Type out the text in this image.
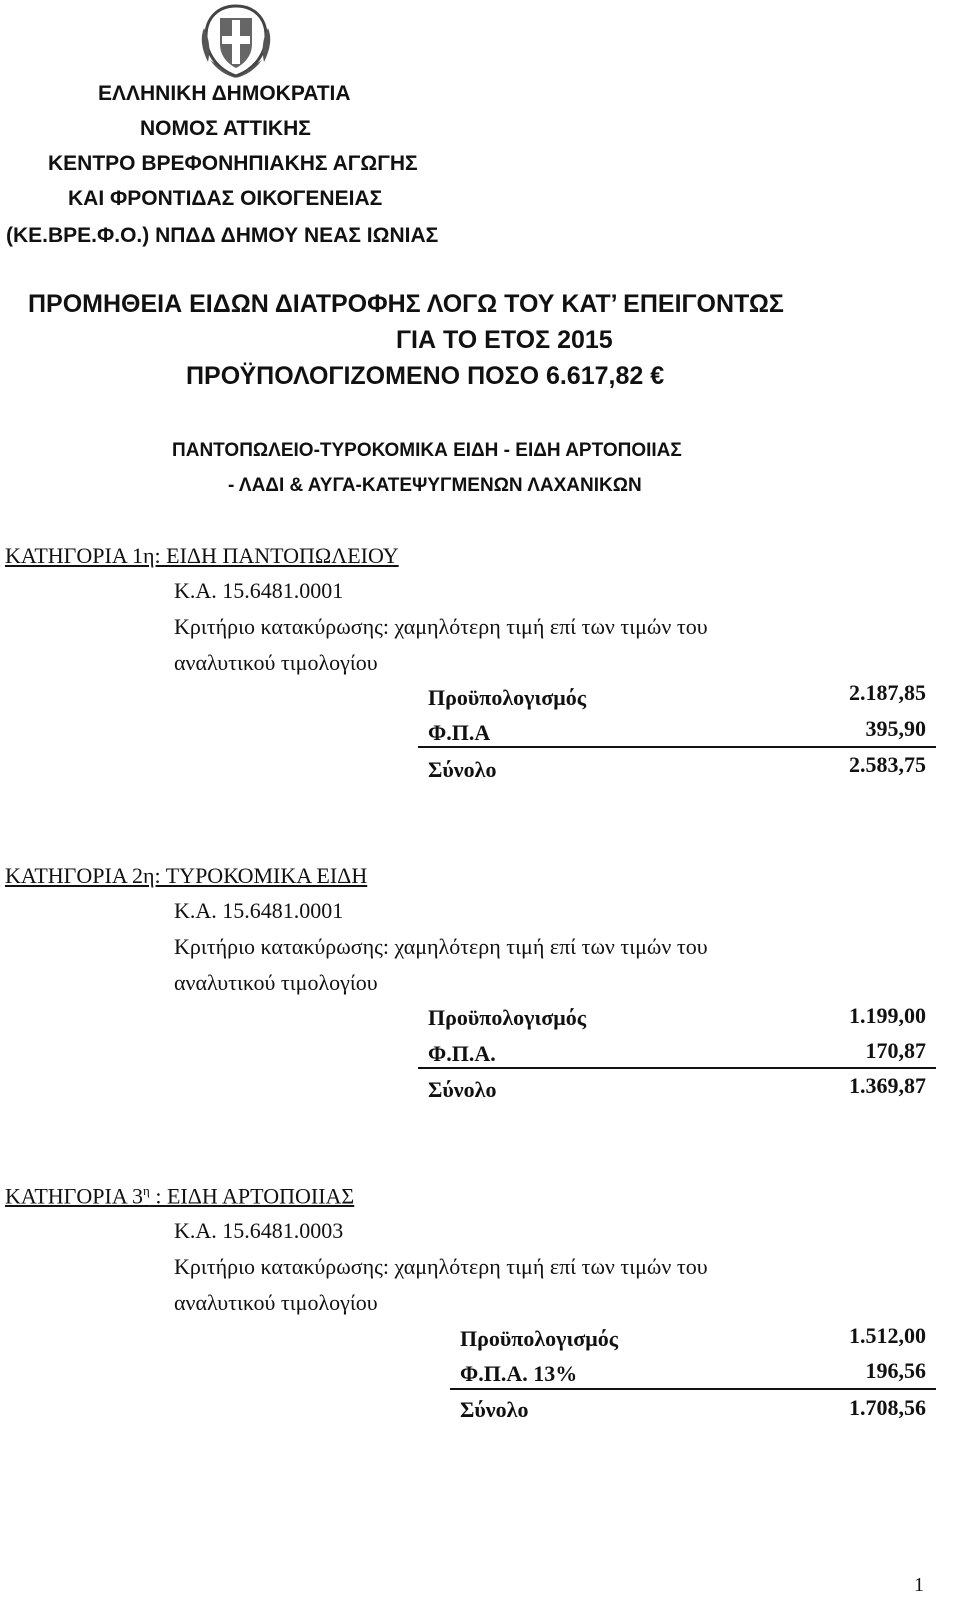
ΕΛΛΗΝΙΚΗ ΔΗΜΟΚΡΑΤΙΑ
ΝΟΜΟΣ ΑΤΤΙΚΗΣ
ΚΕΝΤΡΟ ΒΡΕΦΟΝΗΠΙΑΚΗΣ ΑΓΩΓΗΣ
ΚΑΙ ΦΡΟΝΤΙΔΑΣ ΟΙΚΟΓΕΝΕΙΑΣ
(ΚΕ.ΒΡΕ.Φ.Ο.) ΝΠΔΔ ΔΗΜΟΥ ΝΕΑΣ ΙΩΝΙΑΣ
ΠΡΟΜΗΘΕΙΑ ΕΙΔΩΝ ΔΙΑΤΡΟΦΗΣ ΛΟΓΩ ΤΟΥ ΚΑΤ’ ΕΠΕΙΓΟΝΤΩΣ
ΓΙΑ ΤΟ ΕΤΟΣ 2015
ΠΡΟΫΠΟΛΟΓΙΖΟΜΕΝΟ ΠΟΣΟ 6.617,82 €
ΠΑΝΤΟΠΩΛΕΙΟ-ΤΥΡΟΚΟΜΙΚΑ ΕΙΔΗ - ΕΙΔΗ ΑΡΤΟΠΟΙΙΑΣ
- ΛΑΔΙ & ΑΥΓΑ-ΚΑΤΕΨΥΓΜΕΝΩΝ ΛΑΧΑΝΙΚΩΝ
ΚΑΤΗΓΟΡΙΑ 1η: ΕΙΔΗ ΠΑΝΤΟΠΩΛΕΙΟΥ
Κ.Α. 15.6481.0001
Κριτήριο κατακύρωσης: χαμηλότερη τιμή επί των τιμών του
αναλυτικού τιμολογίου
Προϋπολογισμός	2.187,85
Φ.Π.Α	395,90
Σύνολο	2.583,75
ΚΑΤΗΓΟΡΙΑ 2η: ΤΥΡΟΚΟΜΙΚΑ ΕΙΔΗ
Κ.Α. 15.6481.0001
Κριτήριο κατακύρωσης: χαμηλότερη τιμή επί των τιμών του
αναλυτικού τιμολογίου
Προϋπολογισμός	1.199,00
Φ.Π.Α.	170,87
Σύνολο	1.369,87
ΚΑΤΗΓΟΡΙΑ $3^\eta$ : ΕΙΔΗ ΑΡΤΟΠΟΙΙΑΣ
Κ.Α. 15.6481.0003
Κριτήριο κατακύρωσης: χαμηλότερη τιμή επί των τιμών του
αναλυτικού τιμολογίου
Προϋπολογισμός	1.512,00
Φ.Π.Α. 13%	196,56
Σύνολο	1.708,56
1
